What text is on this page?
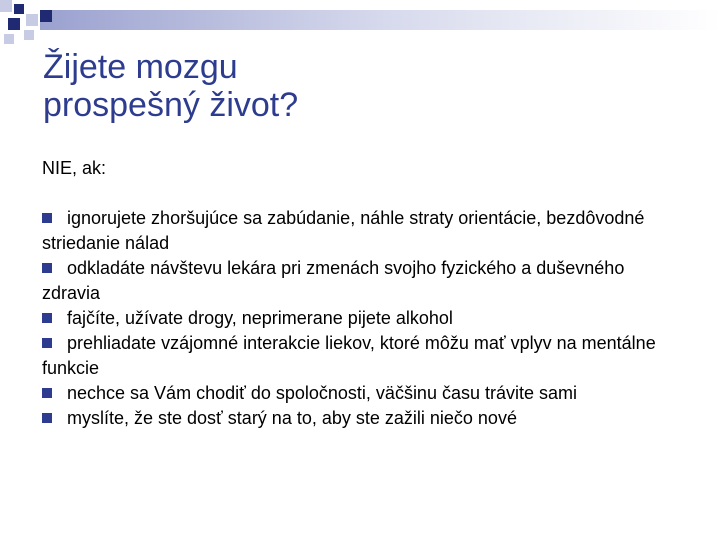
Žijete mozgu
prospešný život?

NIE, ak:

ignorujete zhoršujúce sa zabúdanie, náhle straty orientácie, bezdôvodné striedanie nálad

odkladáte návštevu lekára pri zmenách svojho fyzického a duševného zdravia

fajčíte, užívate drogy, neprimerane pijete alkohol

prehliadate vzájomné interakcie liekov, ktoré môžu mať vplyv na mentálne funkcie

nechce sa Vám chodiť do spoločnosti, väčšinu času trávite sami

myslíte, že ste dosť starý na to, aby ste zažili niečo nové
